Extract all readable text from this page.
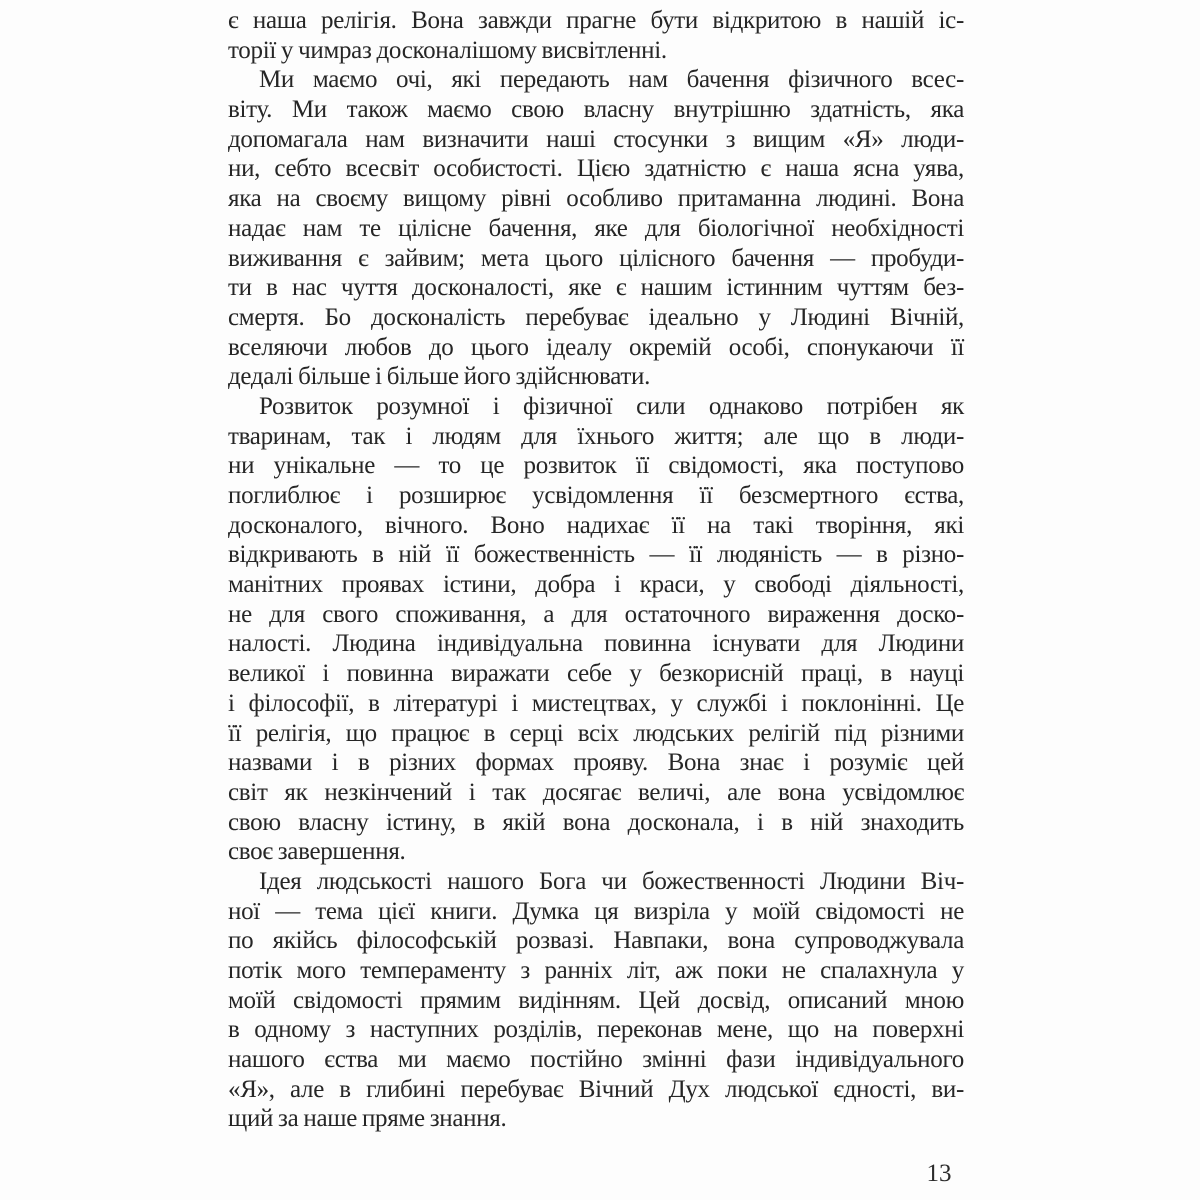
є наша релігія. Вона завжди прагне бути відкритою в нашій іс-
торії у чимраз досконалішому висвітленні.
Ми маємо очі, які передають нам бачення фізичного всес-
віту. Ми також маємо свою власну внутрішню здатність, яка
допомагала нам визначити наші стосунки з вищим «Я» люди-
ни, себто всесвіт особистості. Цією здатністю є наша ясна уява,
яка на своєму вищому рівні особливо притаманна людині. Вона
надає нам те цілісне бачення, яке для біологічної необхідності
виживання є зайвим; мета цього цілісного бачення — пробуди-
ти в нас чуття досконалості, яке є нашим істинним чуттям без-
смертя. Бо досконалість перебуває ідеально у Людині Вічній,
вселяючи любов до цього ідеалу окремій особі, спонукаючи її
дедалі більше і більше його здійснювати.
Розвиток розумної і фізичної сили однаково потрібен як
тваринам, так і людям для їхнього життя; але що в люди-
ни унікальне — то це розвиток її свідомості, яка поступово
поглиблює і розширює усвідомлення її безсмертного єства,
досконалого, вічного. Воно надихає її на такі творіння, які
відкривають в ній її божественність — її людяність — в різно-
манітних проявах істини, добра і краси, у свободі діяльності,
не для свого споживання, а для остаточного вираження доско-
налості. Людина індивідуальна повинна існувати для Людини
великої і повинна виражати себе у безкорисній праці, в науці
і філософії, в літературі і мистецтвах, у службі і поклонінні. Це
її релігія, що працює в серці всіх людських релігій під різними
назвами і в різних формах прояву. Вона знає і розуміє цей
світ як незкінчений і так досягає величі, але вона усвідомлює
свою власну істину, в якій вона досконала, і в ній знаходить
своє завершення.
Ідея людськості нашого Бога чи божественності Людини Віч-
ної — тема цієї книги. Думка ця визріла у моїй свідомості не
по якійсь філософській розвазі. Навпаки, вона супроводжувала
потік мого темпераменту з ранніх літ, аж поки не спалахнула у
моїй свідомості прямим видінням. Цей досвід, описаний мною
в одному з наступних розділів, переконав мене, що на поверхні
нашого єства ми маємо постійно змінні фази індивідуального
«Я», але в глибині перебуває Вічний Дух людської єдності, ви-
щий за наше пряме знання.
13
